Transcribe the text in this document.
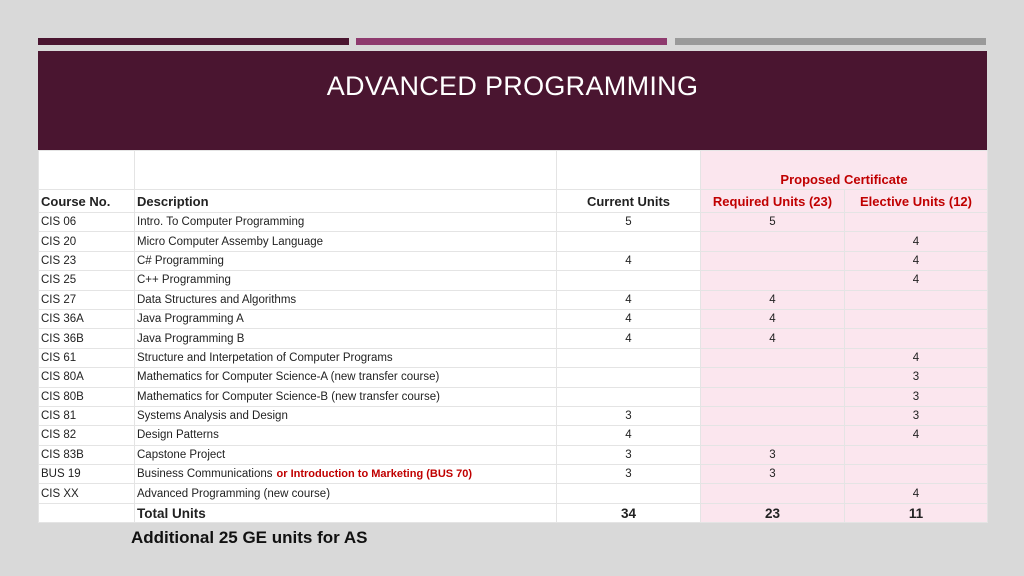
ADVANCED PROGRAMMING
			Proposed Certificate	
Course No.	Description	Current Units	Required Units (23)	Elective Units (12)
CIS 06	Intro. To Computer Programming	5	5	
CIS 20	Micro Computer Assemby Language			4
CIS 23	C# Programming	4		4
CIS 25	C++ Programming			4
CIS 27	Data Structures and Algorithms	4	4	
CIS 36A	Java Programming A	4	4	
CIS 36B	Java Programming B	4	4	
CIS 61	Structure and Interpetation of Computer Programs			4
CIS 80A	Mathematics for Computer Science-A (new transfer course)			3
CIS 80B	Mathematics for Computer Science-B (new transfer course)			3
CIS 81	Systems Analysis and Design	3		3
CIS 82	Design Patterns	4		4
CIS 83B	Capstone Project	3	3	
BUS 19	Business Communications or Introduction to Marketing (BUS 70)	3	3	
CIS XX	Advanced Programming (new course)			4
	Total Units	34	23	11
Additional 25 GE units for AS
